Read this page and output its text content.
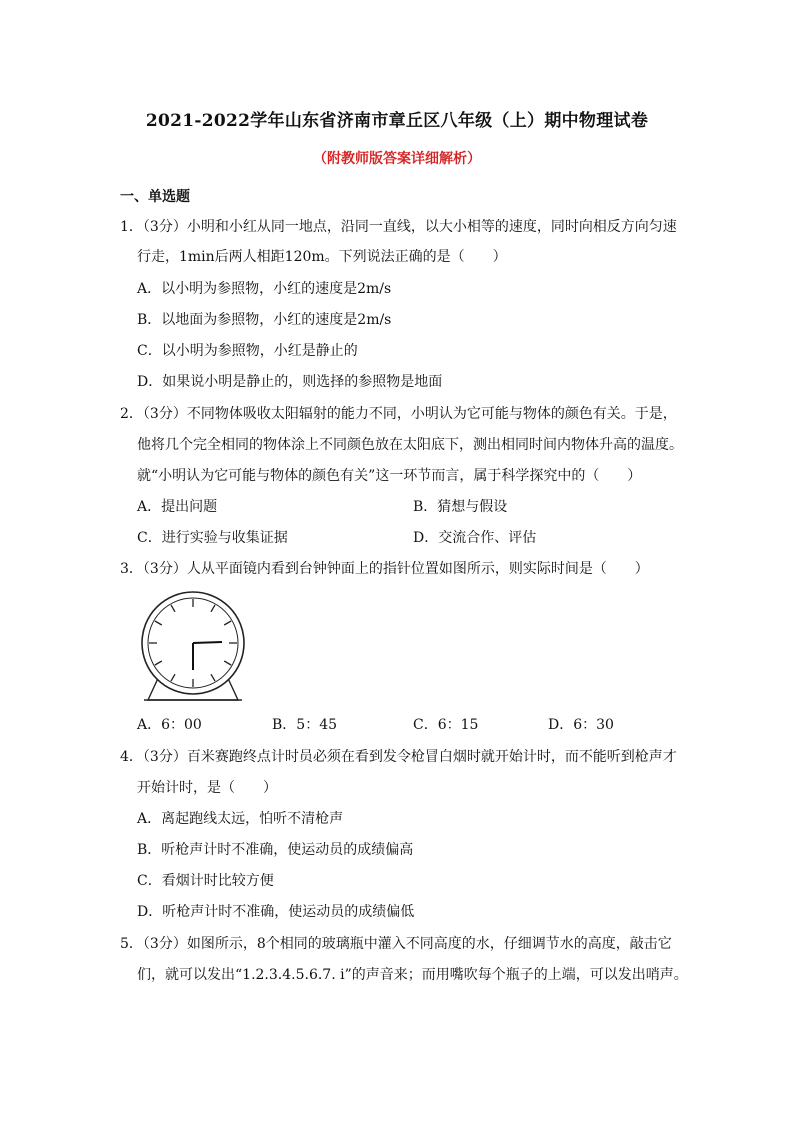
2021-2022学年山东省济南市章丘区八年级（上）期中物理试卷
（附教师版答案详细解析）
一、单选题
1．（3分）小明和小红从同一地点，沿同一直线，以大小相等的速度，同时向相反方向匀速
行走，1min后两人相距120m。下列说法正确的是（　　）
A．以小明为参照物，小红的速度是2m/s
B．以地面为参照物，小红的速度是2m/s
C．以小明为参照物，小红是静止的
D．如果说小明是静止的，则选择的参照物是地面
2．（3分）不同物体吸收太阳辐射的能力不同，小明认为它可能与物体的颜色有关。于是，
他将几个完全相同的物体涂上不同颜色放在太阳底下，测出相同时间内物体升高的温度。
就“小明认为它可能与物体的颜色有关”这一环节而言，属于科学探究中的（　　）
A．提出问题	B．猜想与假设
C．进行实验与收集证据	D．交流合作、评估
3．（3分）人从平面镜内看到台钟钟面上的指针位置如图所示，则实际时间是（　　）
A．6：00	B．5：45	C．6：15	D．6：30
4．（3分）百米赛跑终点计时员必须在看到发令枪冒白烟时就开始计时，而不能听到枪声才
开始计时，是（　　）
A．离起跑线太远，怕听不清枪声
B．听枪声计时不准确，使运动员的成绩偏高
C．看烟计时比较方便
D．听枪声计时不准确，使运动员的成绩偏低
5．（3分）如图所示，8个相同的玻璃瓶中灌入不同高度的水，仔细调节水的高度，敲击它
们，就可以发出“1.2.3.4.5.6.7. i”的声音来；而用嘴吹每个瓶子的上端，可以发出哨声。
